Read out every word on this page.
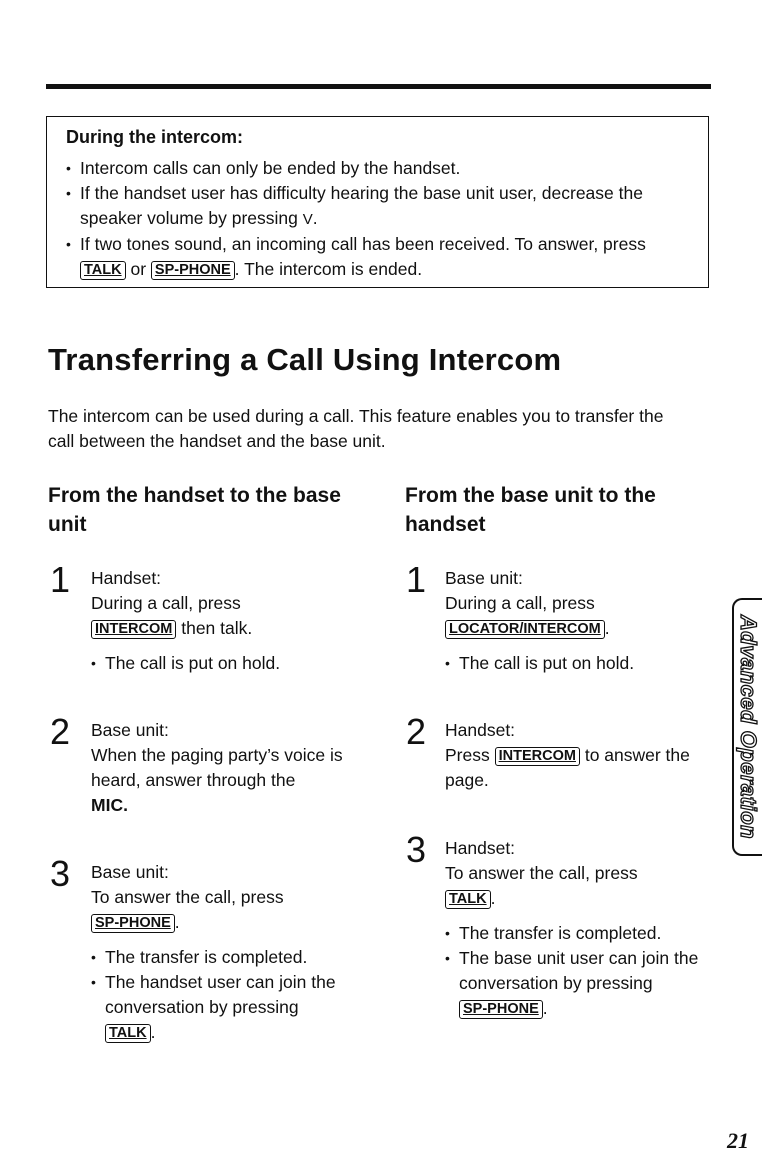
During the intercom:
• Intercom calls can only be ended by the handset.
• If the handset user has difficulty hearing the base unit user, decrease the speaker volume by pressing V.
• If two tones sound, an incoming call has been received. To answer, press TALK or SP-PHONE . The intercom is ended.
Transferring a Call Using Intercom

The intercom can be used during a call. This feature enables you to transfer the call between the handset and the base unit.

From the handset to the base unit
1 Handset:

During a call, press

INTERCOM then talk.

• The call is put on hold.
2 Base unit:

When the paging party’s voice is heard, answer through the

MIC.

3 Base unit:

To answer the call, press

SP-PHONE .

• The transfer is completed.
• The handset user can join the conversation by pressing TALK .
From the base unit to the handset
1 Base unit:

During a call, press

LOCATOR/INTERCOM .

• The call is put on hold.
2 Handset:

Press INTERCOM to answer the page.

3 Handset:

To answer the call, press

TALK .

• The transfer is completed.
• The base unit user can join the conversation by pressing SP-PHONE .
Advanced Operation
21
